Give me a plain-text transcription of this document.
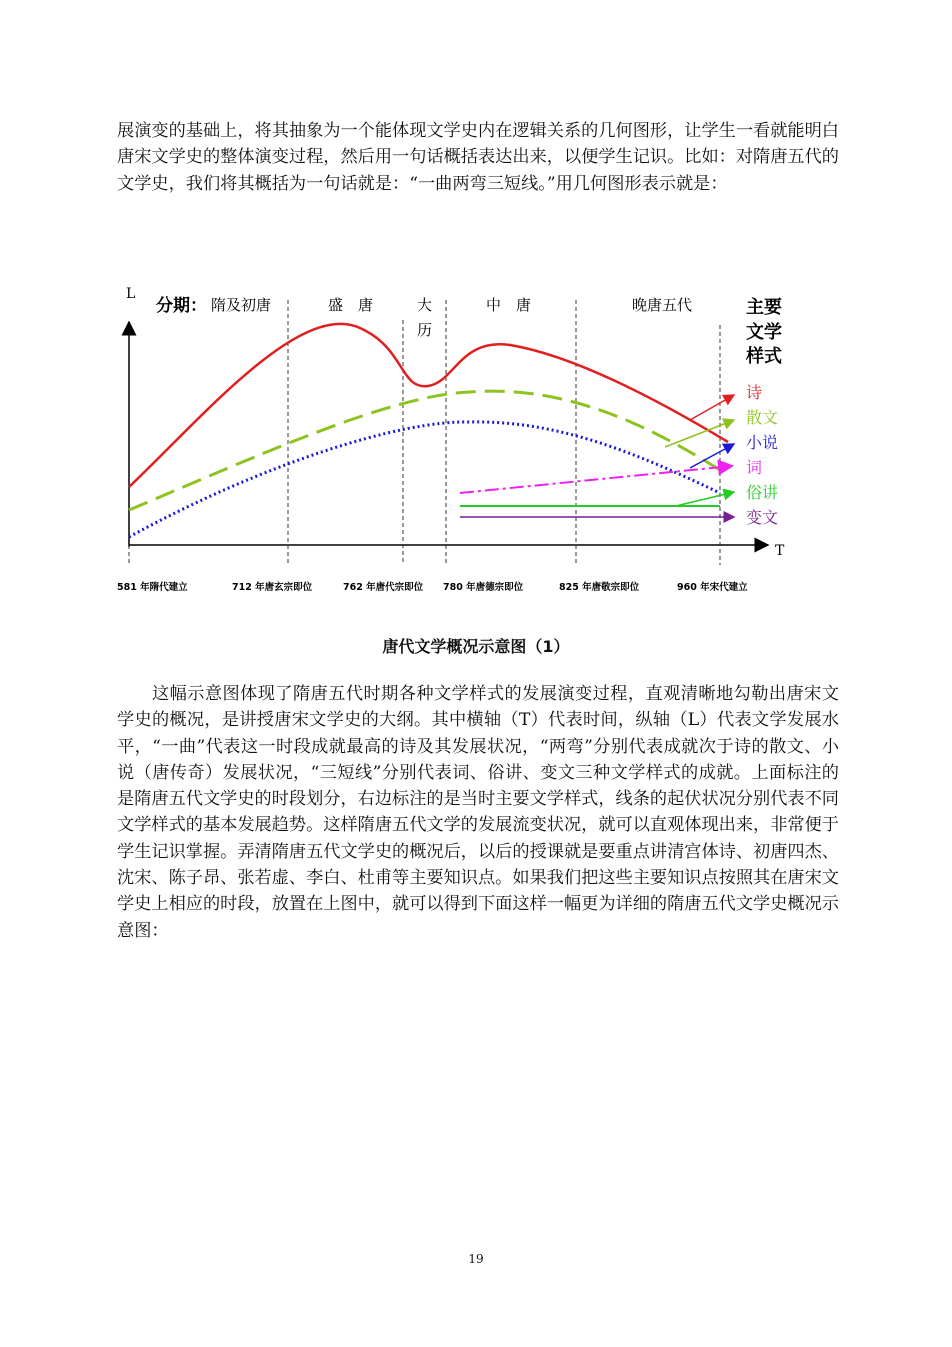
展演变的基础上，将其抽象为一个能体现文学史内在逻辑关系的几何图形，让学生一看就能明白唐宋文学史的整体演变过程，然后用一句话概括表达出来，以便学生记识。比如：对隋唐五代的文学史，我们将其概括为一句话就是：“一曲两弯三短线。”用几何图形表示就是：

L
T
分期： 隋及初唐	盛　唐	大
历
中　唐	晚唐五代	主要
文学
样式
诗
散文
小说
词
俗讲
变文
581 年隋代建立	712 年唐玄宗即位	762 年唐代宗即位 780 年唐德宗即位	825 年唐敬宗即位	960 年宋代建立
唐代文学概况示意图（1）

这幅示意图体现了隋唐五代时期各种文学样式的发展演变过程，直观清晰地勾勒出唐宋文学史的概况，是讲授唐宋文学史的大纲。其中横轴（T）代表时间，纵轴（L）代表文学发展水平，“一曲”代表这一时段成就最高的诗及其发展状况，“两弯”分别代表成就次于诗的散文、小说（唐传奇）发展状况，“三短线”分别代表词、俗讲、变文三种文学样式的成就。上面标注的是隋唐五代文学史的时段划分，右边标注的是当时主要文学样式，线条的起伏状况分别代表不同文学样式的基本发展趋势。这样隋唐五代文学的发展流变状况，就可以直观体现出来，非常便于学生记识掌握。弄清隋唐五代文学史的概况后，以后的授课就是要重点讲清宫体诗、初唐四杰、沈宋、陈子昂、张若虚、李白、杜甫等主要知识点。如果我们把这些主要知识点按照其在唐宋文学史上相应的时段，放置在上图中，就可以得到下面这样一幅更为详细的隋唐五代文学史概况示意图：

19
